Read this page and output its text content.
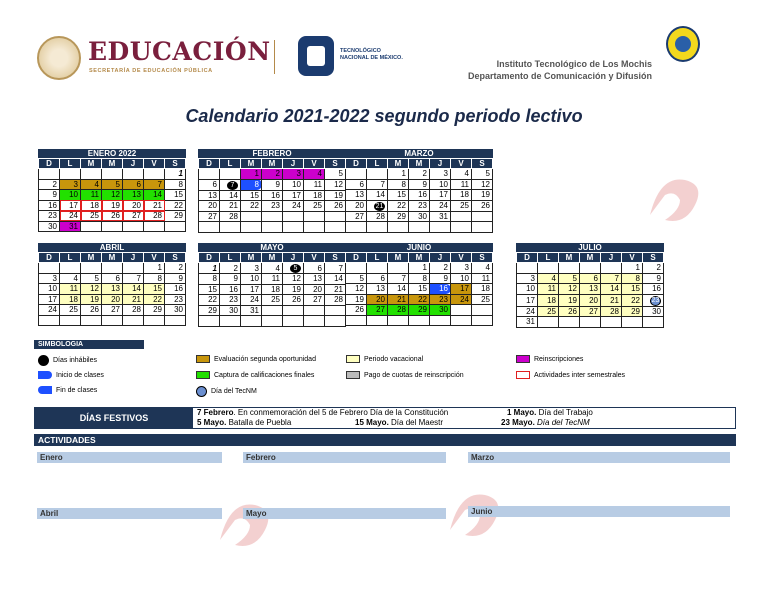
EDUCACIÓN
SECRETARÍA DE EDUCACIÓN PÚBLICA
TECNOLÓGICO
NACIONAL DE MÉXICO.
Instituto Tecnológico de Los Mochis
Departamento de Comunicación y Difusión
Calendario 2021-2022 segundo periodo lectivo
ENERO 2022
D	L	M	M	J	V	S
						1
2	3	4	5	6	7	8
9	10	11	12	13	14	15
16	17	18	19	20	21	22
23	24	25	26	27	28	29
30	31					
FEBRERO
D	L	M	M	J	V	S
		1	2	3	4	5
6	7	8	9	10	11	12
13	14	15	16	17	18	19
20	21	22	23	24	25	26
27	28					

MARZO
D	L	M	M	J	V	S
		1	2	3	4	5
6	7	8	9	10	11	12
13	14	15	16	17	18	19
20	21	22	23	24	25	26
27	28	29	30	31		

ABRIL
D	L	M	M	J	V	S
					1	2
3	4	5	6	7	8	9
10	11	12	13	14	15	16
17	18	19	20	21	22	23
24	25	26	27	28	29	30

MAYO
D	L	M	M	J	V	S
1	2	3	4	5	6	7
8	9	10	11	12	13	14
15	16	17	18	19	20	21
22	23	24	25	26	27	28
29	30	31				

JUNIO
D	L	M	M	J	V	S
			1	2	3	4
5	6	7	8	9	10	11
12	13	14	15	16	17	18
19	20	21	22	23	24	25
26	27	28	29	30		

JULIO
D	L	M	M	J	V	S
					1	2
3	4	5	6	7	8	9
10	11	12	13	14	15	16
17	18	19	20	21	22	23
24	25	26	27	28	29	30
31						
SIMBOLOGIA
Días inhábiles
Inicio de clases
Fin de clases
Evaluación segunda oportunidad
Captura de calificaciones finales
Día del TecNM
Periodo vacacional
Pago de cuotas de reinscripción
Reinscripciones
Actividades inter semestrales
DÍAS FESTIVOS
7 Febrero. En conmemoración del 5 de Febrero Día de la Constitución	1 Mayo. Día del Trabajo
5 Mayo. Batalla de Puebla	15 Mayo. Día del Maestr	23 Mayo. Día del TecNM
ACTIVIDADES
Enero	Febrero	Marzo
Abril	Mayo	Junio
